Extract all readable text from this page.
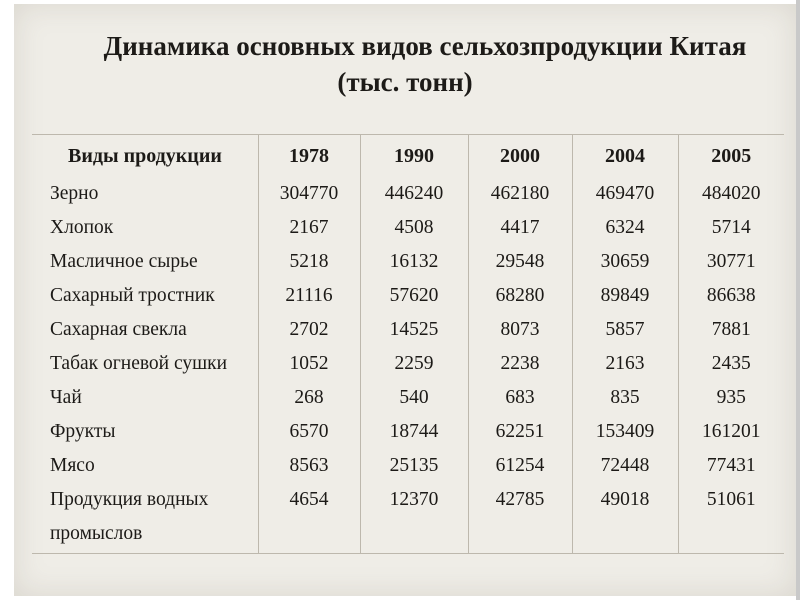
Динамика основных видов сельхозпродукции Китая
(тыс. тонн)
Виды продукции	1978	1990	2000	2004	2005
Зерно	304770	446240	462180	469470	484020
Хлопок	2167	4508	4417	6324	5714
Масличное сырье	5218	16132	29548	30659	30771
Сахарный тростник	21116	57620	68280	89849	86638
Сахарная свекла	2702	14525	8073	5857	7881
Табак огневой сушки	1052	2259	2238	2163	2435
Чай	268	540	683	835	935
Фрукты	6570	18744	62251	153409	161201
Мясо	8563	25135	61254	72448	77431
Продукция водных промыслов	4654	12370	42785	49018	51061
